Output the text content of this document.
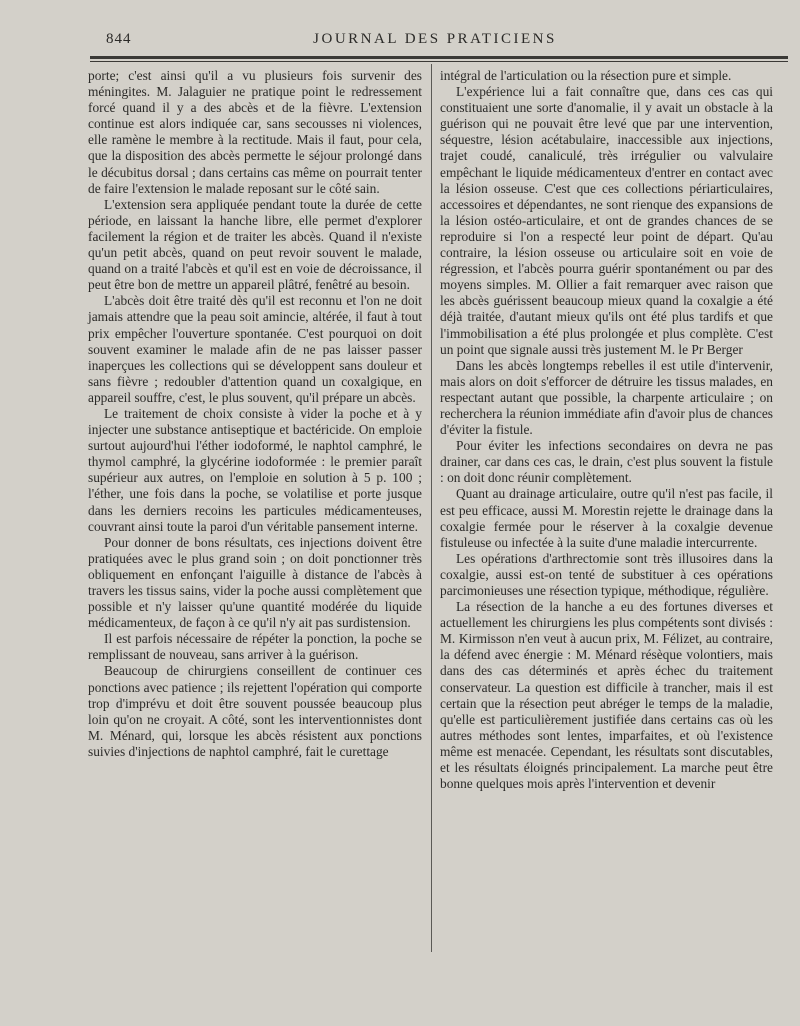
844	JOURNAL DES PRATICIENS

porte; c'est ainsi qu'il a vu plusieurs fois survenir des méningites. M. Jalaguier ne pratique point le redressement forcé quand il y a des abcès et de la fièvre. L'extension continue est alors indiquée car, sans secousses ni violences, elle ramène le membre à la rectitude. Mais il faut, pour cela, que la disposition des abcès permette le séjour prolongé dans le décubitus dorsal ; dans certains cas même on pourrait tenter de faire l'extension le malade reposant sur le côté sain.

L'extension sera appliquée pendant toute la durée de cette période, en laissant la hanche libre, elle permet d'explorer facilement la région et de traiter les abcès. Quand il n'existe qu'un petit abcès, quand on peut revoir souvent le malade, quand on a traité l'abcès et qu'il est en voie de décroissance, il peut être bon de mettre un appareil plâtré, fenêtré au besoin.

L'abcès doit être traité dès qu'il est reconnu et l'on ne doit jamais attendre que la peau soit amincie, altérée, il faut à tout prix empêcher l'ouverture spontanée. C'est pourquoi on doit souvent examiner le malade afin de ne pas laisser passer inaperçues les collections qui se développent sans douleur et sans fièvre ; redoubler d'attention quand un coxalgique, en appareil souffre, c'est, le plus souvent, qu'il prépare un abcès.

Le traitement de choix consiste à vider la poche et à y injecter une substance antiseptique et bactéricide. On emploie surtout aujourd'hui l'éther iodoformé, le naphtol camphré, le thymol camphré, la glycérine iodoformée : le premier paraît supérieur aux autres, on l'emploie en solution à 5 p. 100 ; l'éther, une fois dans la poche, se volatilise et porte jusque dans les derniers recoins les particules médicamenteuses, couvrant ainsi toute la paroi d'un véritable pansement interne.

Pour donner de bons résultats, ces injections doivent être pratiquées avec le plus grand soin ; on doit ponctionner très obliquement en enfonçant l'aiguille à distance de l'abcès à travers les tissus sains, vider la poche aussi complètement que possible et n'y laisser qu'une quantité modérée du liquide médicamenteux, de façon à ce qu'il n'y ait pas surdistension.

Il est parfois nécessaire de répéter la ponction, la poche se remplissant de nouveau, sans arriver à la guérison.

Beaucoup de chirurgiens conseillent de continuer ces ponctions avec patience ; ils rejettent l'opération qui comporte trop d'imprévu et doit être souvent poussée beaucoup plus loin qu'on ne croyait. A côté, sont les interventionnistes dont M. Ménard, qui, lorsque les abcès résistent aux ponctions suivies d'injections de naphtol camphré, fait le curettage

intégral de l'articulation ou la résection pure et simple.

L'expérience lui a fait connaître que, dans ces cas qui constituaient une sorte d'anomalie, il y avait un obstacle à la guérison qui ne pouvait être levé que par une intervention, séquestre, lésion acétabulaire, inaccessible aux injections, trajet coudé, canaliculé, très irrégulier ou valvulaire empêchant le liquide médicamenteux d'entrer en contact avec la lésion osseuse. C'est que ces collections périarticulaires, accessoires et dépendantes, ne sont rienque des expansions de la lésion ostéo-articulaire, et ont de grandes chances de se reproduire si l'on a respecté leur point de départ. Qu'au contraire, la lésion osseuse ou articulaire soit en voie de régression, et l'abcès pourra guérir spontanément ou par des moyens simples. M. Ollier a fait remarquer avec raison que les abcès guérissent beaucoup mieux quand la coxalgie a été déjà traitée, d'autant mieux qu'ils ont été plus tardifs et que l'immobilisation a été plus prolongée et plus complète. C'est un point que signale aussi très justement M. le Pr Berger

Dans les abcès longtemps rebelles il est utile d'intervenir, mais alors on doit s'efforcer de détruire les tissus malades, en respectant autant que possible, la charpente articulaire ; on recherchera la réunion immédiate afin d'avoir plus de chances d'éviter la fistule.

Pour éviter les infections secondaires on devra ne pas drainer, car dans ces cas, le drain, c'est plus souvent la fistule : on doit donc réunir complètement.

Quant au drainage articulaire, outre qu'il n'est pas facile, il est peu efficace, aussi M. Morestin rejette le drainage dans la coxalgie fermée pour le réserver à la coxalgie devenue fistuleuse ou infectée à la suite d'une maladie intercurrente.

Les opérations d'arthrectomie sont très illusoires dans la coxalgie, aussi est-on tenté de substituer à ces opérations parcimonieuses une résection typique, méthodique, régulière.

La résection de la hanche a eu des fortunes diverses et actuellement les chirurgiens les plus compétents sont divisés : M. Kirmisson n'en veut à aucun prix, M. Félizet, au contraire, la défend avec énergie : M. Ménard résèque volontiers, mais dans des cas déterminés et après échec du traitement conservateur. La question est difficile à trancher, mais il est certain que la résection peut abréger le temps de la maladie, qu'elle est particulièrement justifiée dans certains cas où les autres méthodes sont lentes, imparfaites, et où l'existence même est menacée. Cependant, les résultats sont discutables, et les résultats éloignés principalement. La marche peut être bonne quelques mois après l'intervention et devenir
